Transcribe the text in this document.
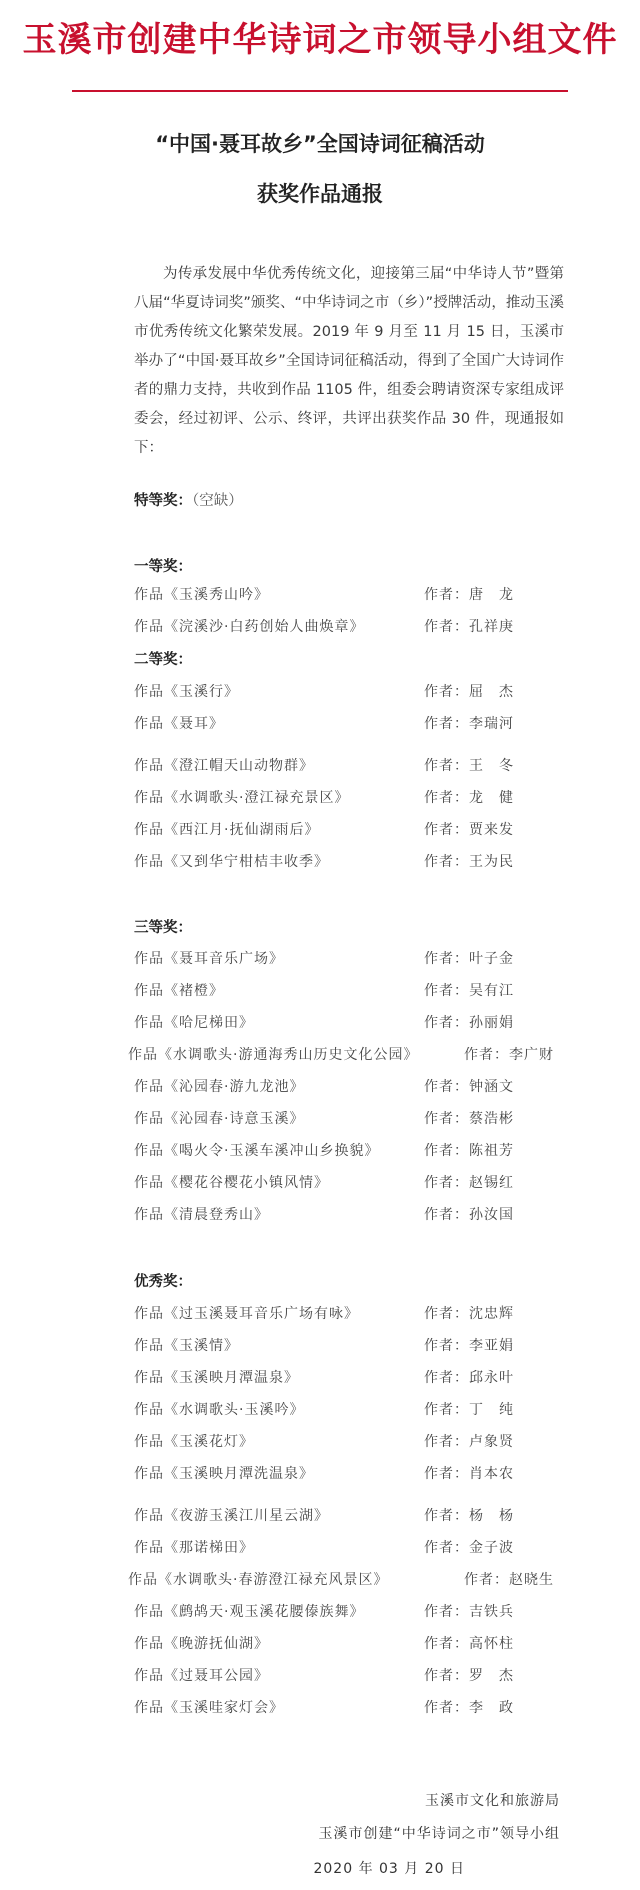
玉溪市创建中华诗词之市领导小组文件
“中国·聂耳故乡”全国诗词征稿活动
获奖作品通报
为传承发展中华优秀传统文化，迎接第三届“中华诗人节”暨第八届“华夏诗词奖”颁奖、“中华诗词之市（乡）”授牌活动，推动玉溪市优秀传统文化繁荣发展。2019 年 9 月至 11 月 15 日，玉溪市举办了“中国·聂耳故乡”全国诗词征稿活动，得到了全国广大诗词作者的鼎力支持，共收到作品 1105 件，组委会聘请资深专家组成评委会，经过初评、公示、终评，共评出获奖作品 30 件，现通报如下：
特等奖：（空缺）
一等奖：
作品《玉溪秀山吟》	作者：唐　龙
作品《浣溪沙·白药创始人曲焕章》	作者：孔祥庚
二等奖：
作品《玉溪行》	作者：屈　杰
作品《聂耳》	作者：李瑞河
作品《澄江帽天山动物群》	作者：王　冬
作品《水调歌头·澄江禄充景区》	作者：龙　健
作品《西江月·抚仙湖雨后》	作者：贾来发
作品《又到华宁柑桔丰收季》	作者：王为民
三等奖：
作品《聂耳音乐广场》	作者：叶子金
作品《褚橙》	作者：吴有江
作品《哈尼梯田》	作者：孙丽娟
作品《水调歌头·游通海秀山历史文化公园》	作者：李广财
作品《沁园春·游九龙池》	作者：钟涵文
作品《沁园春·诗意玉溪》	作者：蔡浩彬
作品《喝火令·玉溪车溪冲山乡换貌》	作者：陈祖芳
作品《樱花谷樱花小镇风情》	作者：赵锡红
作品《清晨登秀山》	作者：孙汝国
优秀奖：
作品《过玉溪聂耳音乐广场有咏》	作者：沈忠辉
作品《玉溪情》	作者：李亚娟
作品《玉溪映月潭温泉》	作者：邱永叶
作品《水调歌头·玉溪吟》	作者：丁　纯
作品《玉溪花灯》	作者：卢象贤
作品《玉溪映月潭洗温泉》	作者：肖本农
作品《夜游玉溪江川星云湖》	作者：杨　杨
作品《那诺梯田》	作者：金子波
作品《水调歌头·春游澄江禄充风景区》	作者：赵晓生
作品《鹧鸪天·观玉溪花腰傣族舞》	作者：吉铁兵
作品《晚游抚仙湖》	作者：高怀柱
作品《过聂耳公园》	作者：罗　杰
作品《玉溪哇家灯会》	作者：李　政
玉溪市文化和旅游局
玉溪市创建“中华诗词之市”领导小组
2020 年 03 月 20 日
